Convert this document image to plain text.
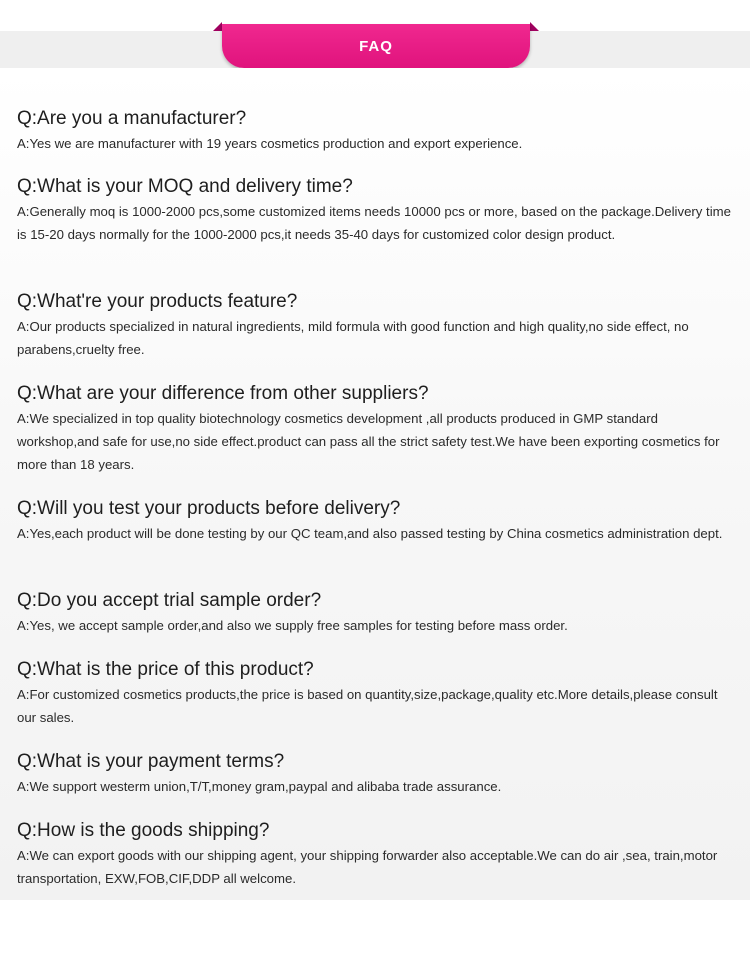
FAQ

Q:Are you a manufacturer?

A:Yes we are manufacturer with 19 years cosmetics production and export experience.

Q:What is your MOQ and delivery time?

A:Generally moq is 1000-2000 pcs,some customized items needs 10000 pcs or more, based on the package.Delivery time is 15-20 days normally for the 1000-2000 pcs,it needs 35-40 days for customized color design product.

Q:What're your products feature?

A:Our products specialized in natural ingredients, mild formula with good function and high quality,no side effect, no parabens,cruelty free.

Q:What are your difference from other suppliers?

A:We specialized in top quality biotechnology cosmetics development ,all products produced in GMP standard workshop,and safe for use,no side effect.product can pass all the strict safety test.We have been exporting cosmetics for more than 18 years.

Q:Will you test your products before delivery?

A:Yes,each product will be done testing by our QC team,and also passed testing by China cosmetics administration dept.

Q:Do you accept trial sample order?

A:Yes, we accept sample order,and also we supply free samples for testing before mass order.

Q:What is the price of this product?

A:For customized cosmetics products,the price is based on quantity,size,package,quality etc.More details,please consult our sales.

Q:What is your payment terms?

A:We support westerm union,T/T,money gram,paypal and alibaba trade assurance.

Q:How is the goods shipping?

A:We can export goods with our shipping agent, your shipping forwarder also acceptable.We can do air ,sea, train,motor transportation, EXW,FOB,CIF,DDP all welcome.
